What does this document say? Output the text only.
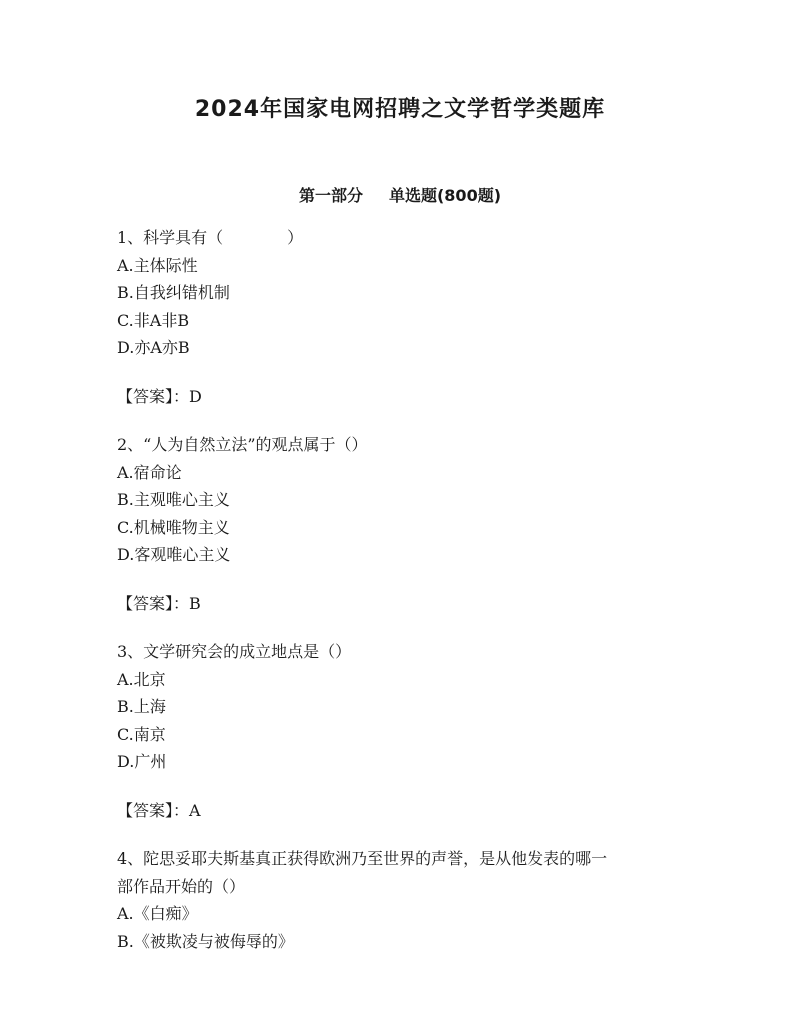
2024年国家电网招聘之文学哲学类题库
第一部分 单选题(800题)
1、科学具有（　　　　）
A.主体际性
B.自我纠错机制
C.非A非B
D.亦A亦B
【答案】：D
2、“人为自然立法”的观点属于（）
A.宿命论
B.主观唯心主义
C.机械唯物主义
D.客观唯心主义
【答案】：B
3、文学研究会的成立地点是（）
A.北京
B.上海
C.南京
D.广州
【答案】：A
4、陀思妥耶夫斯基真正获得欧洲乃至世界的声誉，是从他发表的哪一
部作品开始的（）
A.《白痴》
B.《被欺凌与被侮辱的》
